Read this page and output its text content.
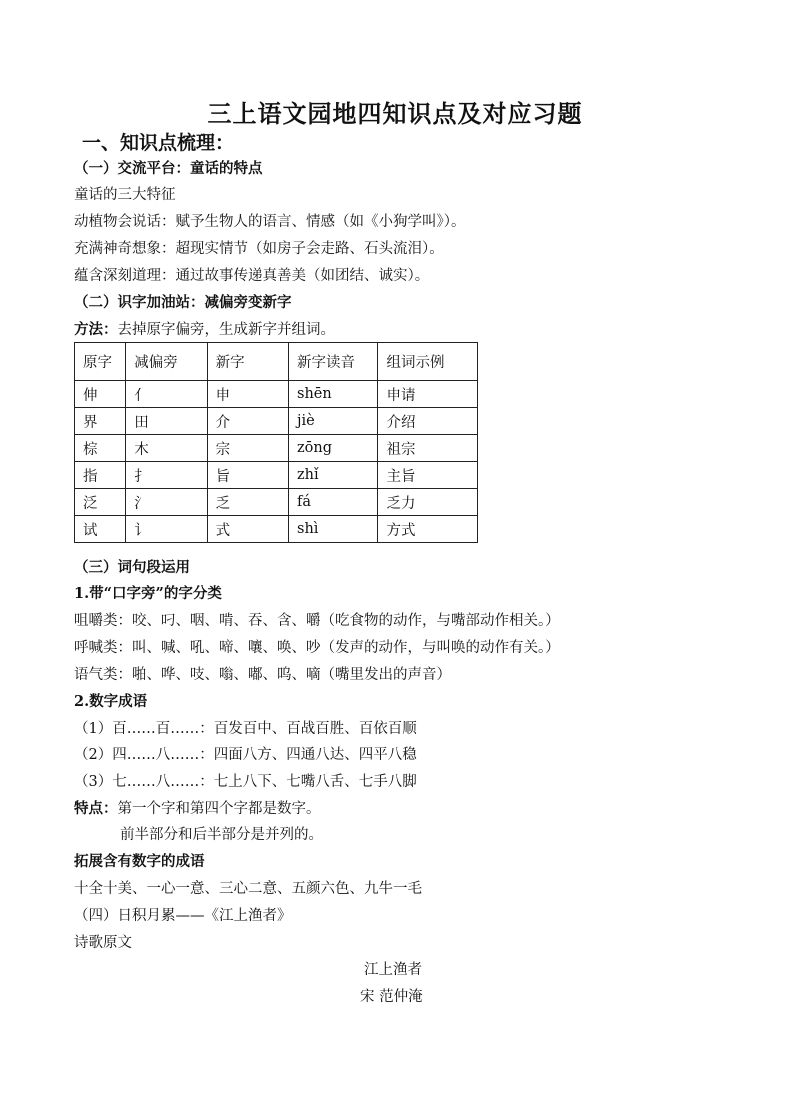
三上语文园地四知识点及对应习题
一、知识点梳理：
（一）交流平台：童话的特点
童话的三大特征
动植物会说话：赋予生物人的语言、情感（如《小狗学叫》）。
充满神奇想象：超现实情节（如房子会走路、石头流泪）。
蕴含深刻道理：通过故事传递真善美（如团结、诚实）。
（二）识字加油站：减偏旁变新字
方法：去掉原字偏旁，生成新字并组词。
原字	减偏旁	新字	新字读音	组词示例
伸	亻	申	shēn	申请
界	田	介	jiè	介绍
棕	木	宗	zōng	祖宗
指	扌	旨	zhǐ	主旨
泛	氵	乏	fá	乏力
试	讠	式	shì	方式
（三）词句段运用
1.带“口字旁”的字分类
咀嚼类：咬、叼、咽、啃、吞、含、嚼（吃食物的动作，与嘴部动作相关。）
呼喊类：叫、喊、吼、啼、嚷、唤、吵（发声的动作，与叫唤的动作有关。）
语气类：啪、哗、吱、嗡、嘟、呜、嘀（嘴里发出的声音）
2.数字成语
（1）百……百……：百发百中、百战百胜、百依百顺
（2）四……八……：四面八方、四通八达、四平八稳
（3）七……八……：七上八下、七嘴八舌、七手八脚
特点：第一个字和第四个字都是数字。
前半部分和后半部分是并列的。
拓展含有数字的成语
十全十美、一心一意、三心二意、五颜六色、九牛一毛
（四）日积月累——《江上渔者》
诗歌原文
江上渔者
宋 范仲淹
